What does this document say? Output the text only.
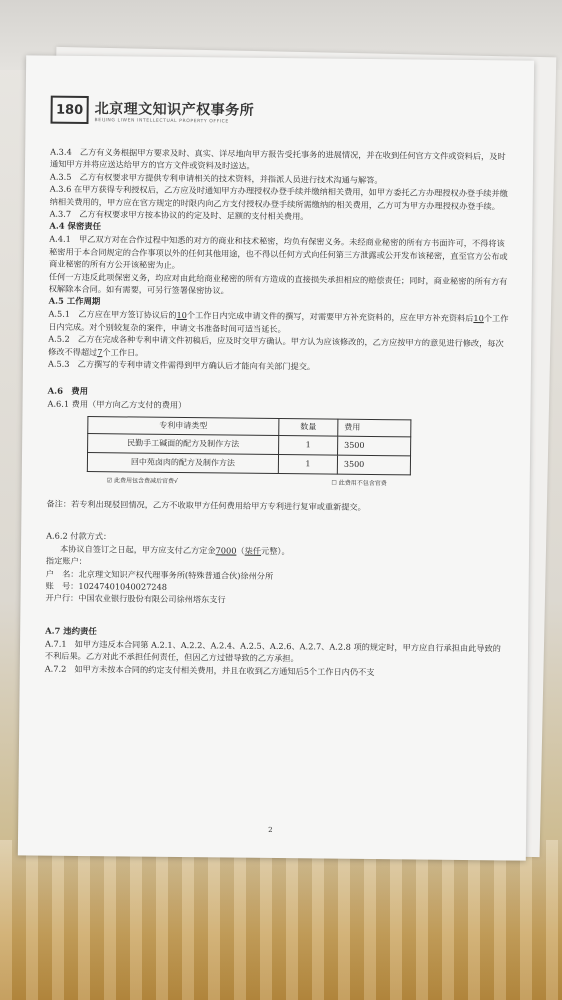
180 北京理文知识产权事务所
BEIJING LIWEN INTELLECTUAL PROPERTY OFFICE

A.3.4　乙方有义务根据甲方要求及时、真实、详尽地向甲方报告受托事务的进展情况，并在收到任何官方文件或资料后，及时通知甲方并将应送达给甲方的官方文件或资料及时送达。

A.3.5　乙方有权要求甲方提供专利申请相关的技术资料，并指派人员进行技术沟通与解答。

A.3.6 在甲方获得专利授权后，乙方应及时通知甲方办理授权办登手续并缴纳相关费用，如甲方委托乙方办理授权办登手续并缴纳相关费用的，甲方应在官方规定的时限内向乙方支付授权办登手续所需缴纳的相关费用，乙方可为甲方办理授权办登手续。

A.3.7　乙方有权要求甲方按本协议的约定及时、足额的支付相关费用。

A.4 保密责任

A.4.1　甲乙双方对在合作过程中知悉的对方的商业和技术秘密，均负有保密义务。未经商业秘密的所有方书面许可，不得将该秘密用于本合同规定的合作事项以外的任何其他用途，也不得以任何方式向任何第三方泄露或公开发布该秘密，直至官方公布或商业秘密的所有方公开该秘密为止。

任何一方违反此项保密义务，均应对由此给商业秘密的所有方造成的直接损失承担相应的赔偿责任；同时，商业秘密的所有方有权解除本合同。如有需要，可另行签署保密协议。

A.5 工作周期

A.5.1　乙方应在甲方签订协议后的10个工作日内完成申请文件的撰写，对需要甲方补充资料的，应在甲方补充资料后10个工作日内完成。对个别较复杂的案件，申请文书准备时间可适当延长。

A.5.2　乙方在完成各种专利申请文件初稿后，应及时交甲方确认。甲方认为应该修改的，乙方应按甲方的意见进行修改，每次修改不得超过7个工作日。

A.5.3　乙方撰写的专利申请文件需得到甲方确认后才能向有关部门提交。

A.6　费用

A.6.1 费用（甲方向乙方支付的费用）

专利申请类型	数量	费用
民勤手工碱面的配方及制作方法	1	3500
回中苑卤肉的配方及制作方法	1	3500
☑ 此费用包含费减后官费√	☐ 此费用不包含官费

备注：若专利出现驳回情况，乙方不收取甲方任何费用给甲方专利进行复审或重新提交。

A.6.2 付款方式：

本协议自签订之日起，甲方应支付乙方定金7000（柒仟元整）。

指定账户：

户　名：北京理文知识产权代理事务所(特殊普通合伙)徐州分所

账　号：10247401040027248

开户行：中国农业银行股份有限公司徐州塔东支行

A.7 违约责任

A.7.1　如甲方违反本合同第 A.2.1、A.2.2、A.2.4、A.2.5、A.2.6、A.2.7、A.2.8 项的规定时，甲方应自行承担由此导致的不利后果。乙方对此不承担任何责任，但因乙方过错导致的乙方承担。

A.7.2　如甲方未按本合同的约定支付相关费用，并且在收到乙方通知后5个工作日内仍不支

2
